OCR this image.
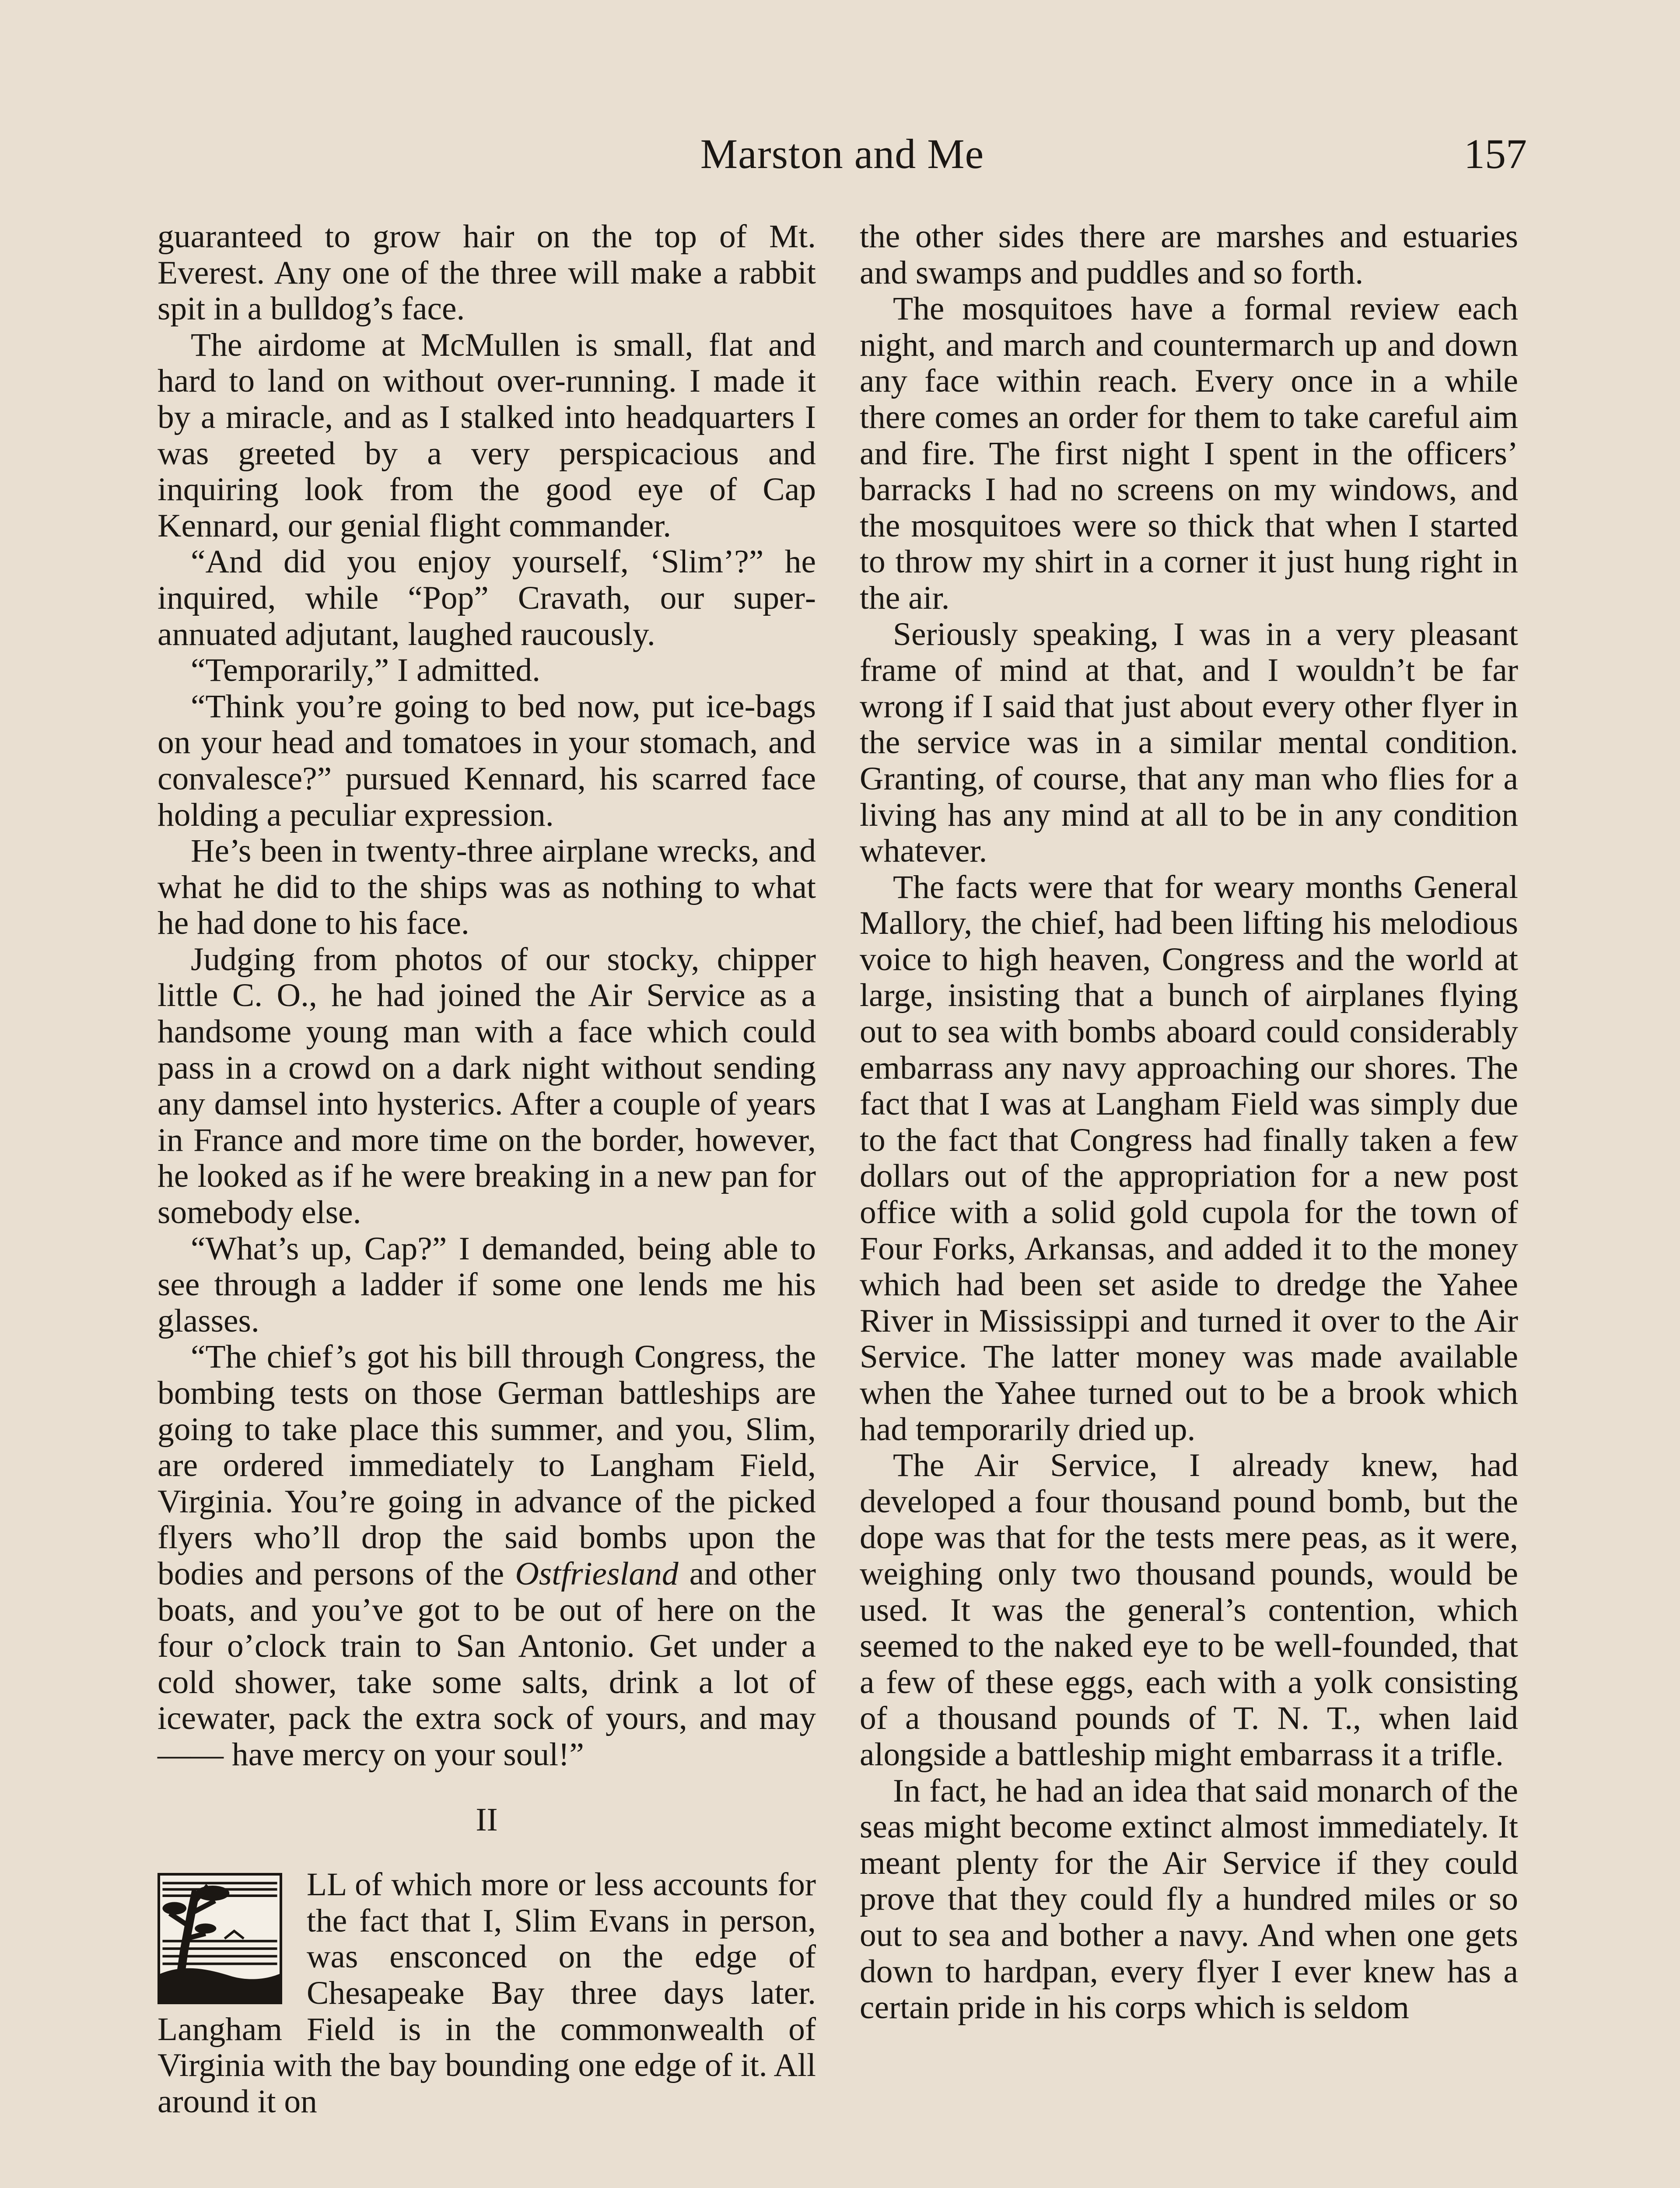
Marston and Me	157

guaranteed to grow hair on the top of Mt. Everest. Any one of the three will make a rabbit spit in a bulldog’s face.

The airdome at McMullen is small, flat and hard to land on without over-running. I made it by a miracle, and as I stalked into headquarters I was greeted by a very perspicacious and inquiring look from the good eye of Cap Kennard, our genial flight commander.

“And did you enjoy yourself, ‘Slim’?” he inquired, while “Pop” Cravath, our superannuated adjutant, laughed raucously.

“Temporarily,” I admitted.

“Think you’re going to bed now, put ice-bags on your head and tomatoes in your stomach, and convalesce?” pursued Kennard, his scarred face holding a peculiar expression.

He’s been in twenty-three airplane wrecks, and what he did to the ships was as nothing to what he had done to his face.

Judging from photos of our stocky, chipper little C. O., he had joined the Air Service as a handsome young man with a face which could pass in a crowd on a dark night without sending any damsel into hysterics. After a couple of years in France and more time on the border, however, he looked as if he were breaking in a new pan for somebody else.

“What’s up, Cap?” I demanded, being able to see through a ladder if some one lends me his glasses.

“The chief’s got his bill through Congress, the bombing tests on those German battleships are going to take place this summer, and you, Slim, are ordered immediately to Langham Field, Virginia. You’re going in advance of the picked flyers who’ll drop the said bombs upon the bodies and persons of the Ostfriesland and other boats, and you’ve got to be out of here on the four o’clock train to San Antonio. Get under a cold shower, take some salts, drink a lot of icewater, pack the extra sock of yours, and may —— have mercy on your soul!”

II

LL of which more or less accounts for the fact that I, Slim Evans in person, was ensconced on the edge of Chesapeake Bay three days later. Langham Field is in the commonwealth of Virginia with the bay bounding one edge of it. All around it on

the other sides there are marshes and estuaries and swamps and puddles and so forth.

The mosquitoes have a formal review each night, and march and countermarch up and down any face within reach. Every once in a while there comes an order for them to take careful aim and fire. The first night I spent in the officers’ barracks I had no screens on my windows, and the mosquitoes were so thick that when I started to throw my shirt in a corner it just hung right in the air.

Seriously speaking, I was in a very pleasant frame of mind at that, and I wouldn’t be far wrong if I said that just about every other flyer in the service was in a similar mental condition. Granting, of course, that any man who flies for a living has any mind at all to be in any condition whatever.

The facts were that for weary months General Mallory, the chief, had been lifting his melodious voice to high heaven, Congress and the world at large, insisting that a bunch of airplanes flying out to sea with bombs aboard could considerably embarrass any navy approaching our shores. The fact that I was at Langham Field was simply due to the fact that Congress had finally taken a few dollars out of the appropriation for a new post office with a solid gold cupola for the town of Four Forks, Arkansas, and added it to the money which had been set aside to dredge the Yahee River in Mississippi and turned it over to the Air Service. The latter money was made available when the Yahee turned out to be a brook which had temporarily dried up.

The Air Service, I already knew, had developed a four thousand pound bomb, but the dope was that for the tests mere peas, as it were, weighing only two thousand pounds, would be used. It was the general’s contention, which seemed to the naked eye to be well-founded, that a few of these eggs, each with a yolk consisting of a thousand pounds of T. N. T., when laid alongside a battleship might embarrass it a trifle.

In fact, he had an idea that said monarch of the seas might become extinct almost immediately. It meant plenty for the Air Service if they could prove that they could fly a hundred miles or so out to sea and bother a navy. And when one gets down to hardpan, every flyer I ever knew has a certain pride in his corps which is seldom
